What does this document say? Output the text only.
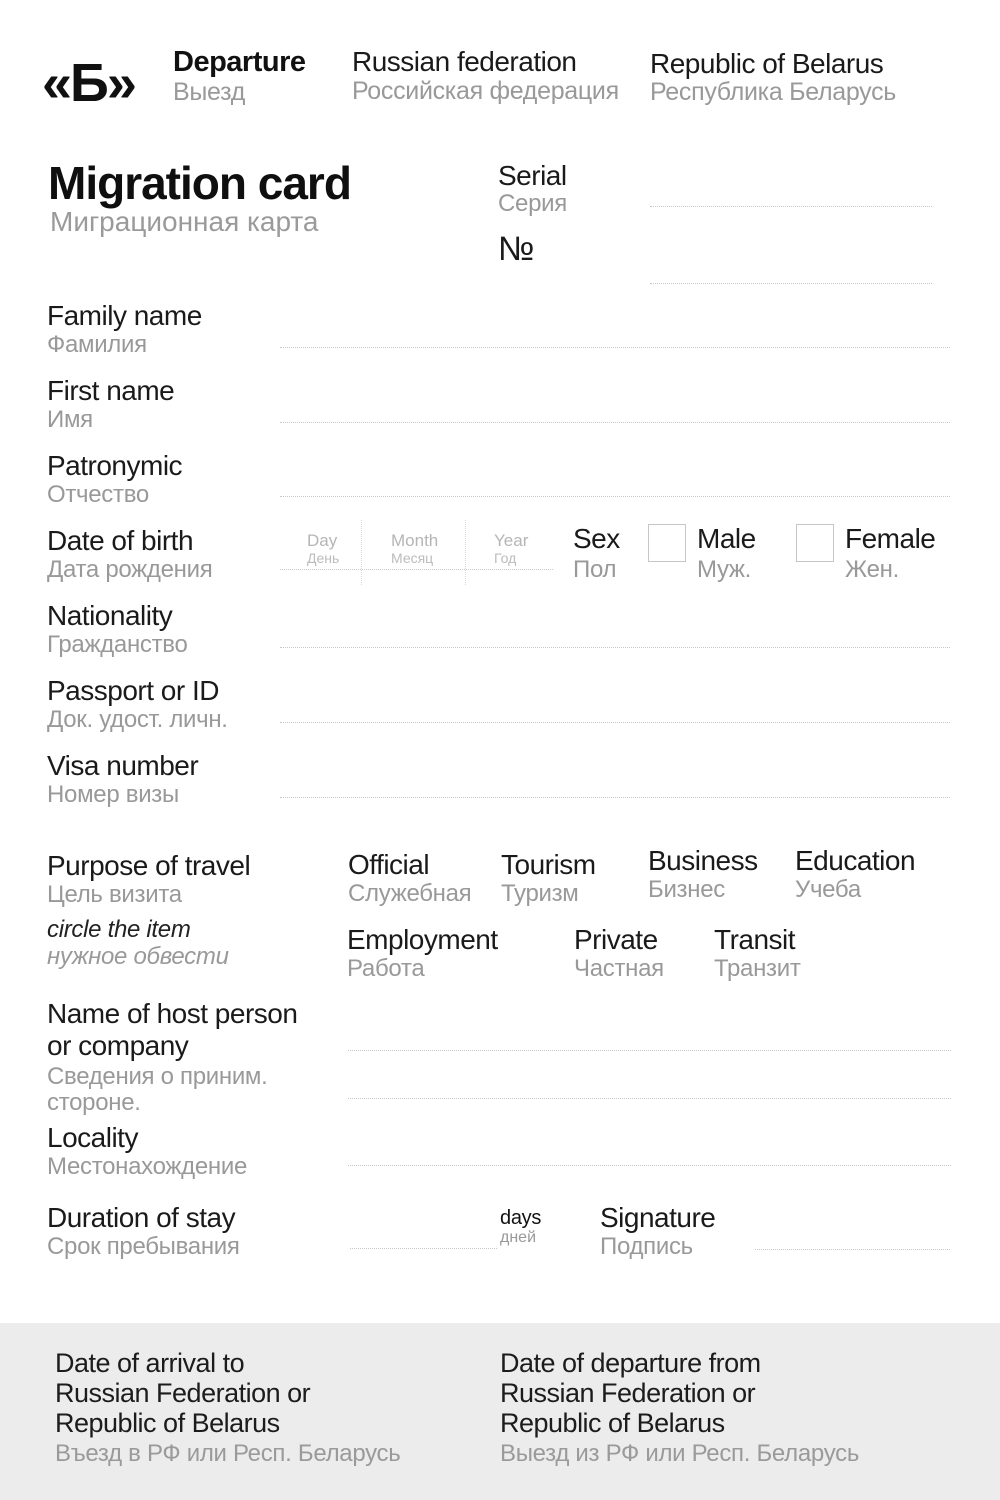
«Б» Departure
Выезд
Russian federation
Российская федерация
Republic of Belarus
Республика Беларусь
Migration card
Миграционная карта
Serial
Серия
№
Family name
Фамилия
First name
Имя
Patronymic
Отчество
Date of birth
Дата рождения
Day
День
Month
Месяц
Year
Год
Sex
Пол
Male
Муж.
Female
Жен.
Nationality
Гражданство
Passport or ID
Док. удост. личн.
Visa number
Номер визы
Purpose of travel
Цель визита
circle the item
нужное обвести
Official
Служебная
Tourism
Туризм
Business
Бизнес
Education
Учеба
Employment
Работа
Private
Частная
Transit
Транзит
Name of host person
or company
Сведения о приним.
стороне.
Locality
Местонахождение
Duration of stay
Срок пребывания
days
дней
Signature
Подпись
Date of arrival to
Russian Federation or
Republic of Belarus
Въезд в РФ или Респ. Беларусь
Date of departure from
Russian Federation or
Republic of Belarus
Выезд из РФ или Респ. Беларусь
